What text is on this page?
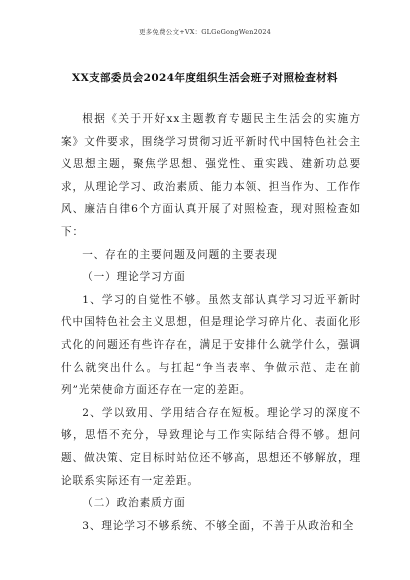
更多免费公文+VX：GLGeGongWen2024
XX支部委员会2024年度组织生活会班子对照检查材料

根据《关于开好xx主题教育专题民主生活会的实施方案》文件要求，围绕学习贯彻习近平新时代中国特色社会主义思想主题，聚焦学思想、强党性、重实践、建新功总要求，从理论学习、政治素质、能力本领、担当作为、工作作风、廉洁自律6个方面认真开展了对照检查，现对照检查如下：

一、存在的主要问题及问题的主要表现

（一）理论学习方面

1、学习的自觉性不够。虽然支部认真学习习近平新时代中国特色社会主义思想，但是理论学习碎片化、表面化形式化的问题还有些许存在，满足于安排什么就学什么，强调什么就突出什么。与扛起“争当表率、争做示范、走在前列”光荣使命方面还存在一定的差距。

2、学以致用、学用结合存在短板。理论学习的深度不够，思悟不充分，导致理论与工作实际结合得不够。想问题、做决策、定目标时站位还不够高，思想还不够解放，理论联系实际还有一定差距。

（二）政治素质方面

3、理论学习不够系统、不够全面，不善于从政治和全
